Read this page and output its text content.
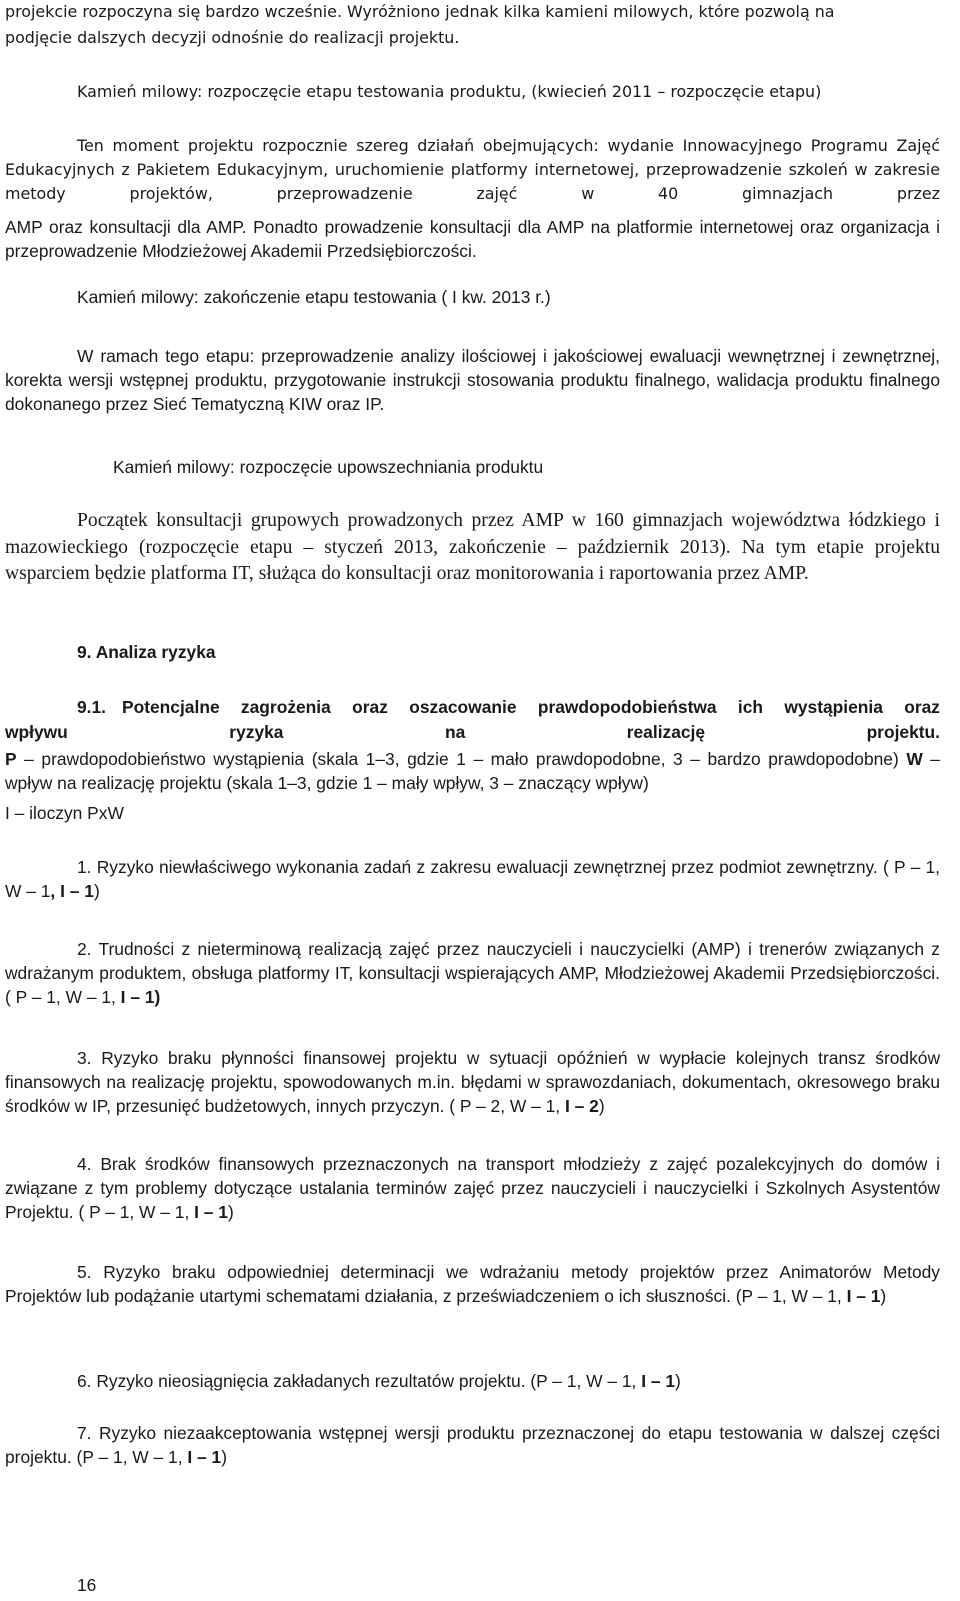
projekcie rozpoczyna się bardzo wcześnie. Wyróżniono jednak kilka kamieni milowych, które pozwolą na

podjęcie dalszych decyzji odnośnie do realizacji projektu.

Kamień milowy: rozpoczęcie etapu testowania produktu, (kwiecień 2011 – rozpoczęcie etapu)

Ten moment projektu rozpocznie szereg działań obejmujących: wydanie Innowacyjnego Programu Zajęć Edukacyjnych z Pakietem Edukacyjnym, uruchomienie platformy internetowej, przeprowadzenie szkoleń w zakresie metody projektów, przeprowadzenie zajęć w 40 gimnazjach przez

AMP oraz konsultacji dla AMP. Ponadto prowadzenie konsultacji dla AMP na platformie internetowej oraz organizacja i przeprowadzenie Młodzieżowej Akademii Przedsiębiorczości.

Kamień milowy: zakończenie etapu testowania ( I kw. 2013 r.)

W ramach tego etapu: przeprowadzenie analizy ilościowej i jakościowej ewaluacji wewnętrznej i zewnętrznej, korekta wersji wstępnej produktu, przygotowanie instrukcji stosowania produktu finalnego, walidacja produktu finalnego dokonanego przez Sieć Tematyczną KIW oraz IP.

Kamień milowy: rozpoczęcie upowszechniania produktu

Początek konsultacji grupowych prowadzonych przez AMP w 160 gimnazjach województwa łódzkiego i mazowieckiego (rozpoczęcie etapu – styczeń 2013, zakończenie – październik 2013). Na tym etapie projektu wsparciem będzie platforma IT, służąca do konsultacji oraz monitorowania i raportowania przez AMP.

9. Analiza ryzyka

9.1. Potencjalne zagrożenia oraz oszacowanie prawdopodobieństwa ich wystąpienia oraz

wpływu ryzyka na realizację projektu.

P – prawdopodobieństwo wystąpienia (skala 1–3, gdzie 1 – mało prawdopodobne, 3 – bardzo prawdopodobne) W – wpływ na realizację projektu (skala 1–3, gdzie 1 – mały wpływ, 3 – znaczący wpływ)

I – iloczyn PxW

1. Ryzyko niewłaściwego wykonania zadań z zakresu ewaluacji zewnętrznej przez podmiot zewnętrzny. ( P – 1, W – 1, I – 1)

2. Trudności z nieterminową realizacją zajęć przez nauczycieli i nauczycielki (AMP) i trenerów związanych z wdrażanym produktem, obsługa platformy IT, konsultacji wspierających AMP, Młodzieżowej Akademii Przedsiębiorczości. ( P – 1, W – 1, I – 1)

3. Ryzyko braku płynności finansowej projektu w sytuacji opóźnień w wypłacie kolejnych transz środków finansowych na realizację projektu, spowodowanych m.in. błędami w sprawozdaniach, dokumentach, okresowego braku środków w IP, przesunięć budżetowych, innych przyczyn. ( P – 2, W – 1, I – 2)

4. Brak środków finansowych przeznaczonych na transport młodzieży z zajęć pozalekcyjnych do domów i związane z tym problemy dotyczące ustalania terminów zajęć przez nauczycieli i nauczycielki i Szkolnych Asystentów Projektu. ( P – 1, W – 1, I – 1)

5. Ryzyko braku odpowiedniej determinacji we wdrażaniu metody projektów przez Animatorów Metody Projektów lub podążanie utartymi schematami działania, z przeświadczeniem o ich słuszności. (P – 1, W – 1, I – 1)

6. Ryzyko nieosiągnięcia zakładanych rezultatów projektu. (P – 1, W – 1, I – 1)

7. Ryzyko niezaakceptowania wstępnej wersji produktu przeznaczonej do etapu testowania w dalszej części projektu. (P – 1, W – 1, I – 1)

16
